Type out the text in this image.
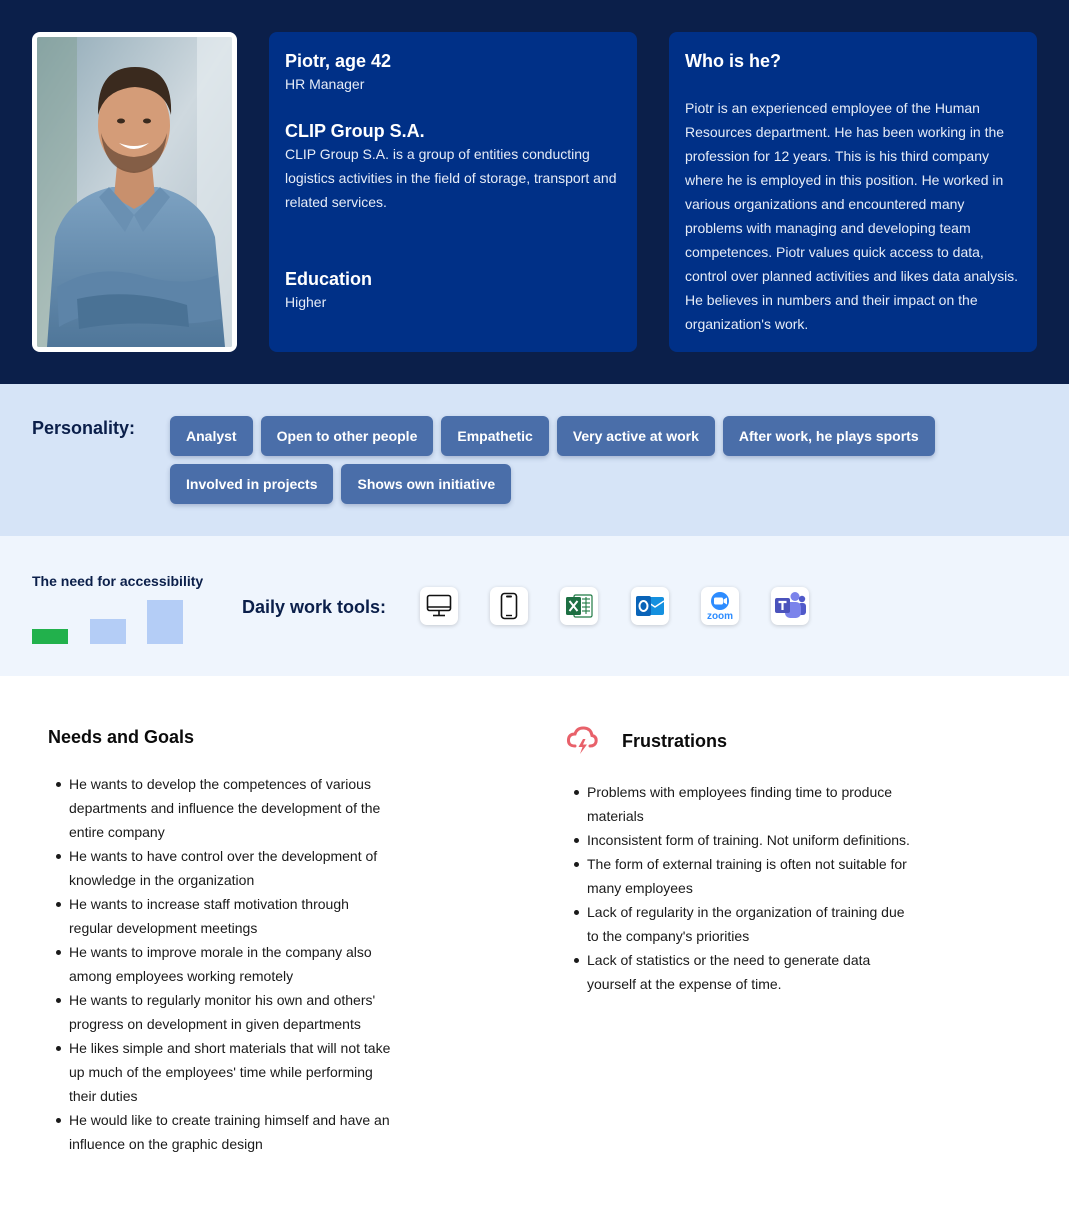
Piotr, age 42
HR Manager
CLIP Group S.A.
CLIP Group S.A. is a group of entities conducting logistics activities in the field of storage, transport and related services.
Education
Higher
Who is he?
Piotr is an experienced employee of the Human Resources department. He has been working in the profession for 12 years. This is his third company where he is employed in this position. He worked in various organizations and encountered many problems with managing and developing team competences. Piotr values quick access to data, control over planned activities and likes data analysis. He believes in numbers and their impact on the organization's work.
Personality:	Analyst	Open to other people	Empathetic	Very active at work	After work, he plays sports
Involved in projects	Shows own initiative
The need for accessibility
Daily work tools:	zoom
Needs and Goals
He wants to develop the competences of various departments and influence the development of the entire company
He wants to have control over the development of knowledge in the organization
He wants to increase staff motivation through regular development meetings
He wants to improve morale in the company also among employees working remotely
He wants to regularly monitor his own and others' progress on development in given departments
He likes simple and short materials that will not take up much of the employees' time while performing their duties
He would like to create training himself and have an influence on the graphic design
Frustrations
Problems with employees finding time to produce materials
Inconsistent form of training. Not uniform definitions.
The form of external training is often not suitable for many employees
Lack of regularity in the organization of training due to the company's priorities
Lack of statistics or the need to generate data yourself at the expense of time.
